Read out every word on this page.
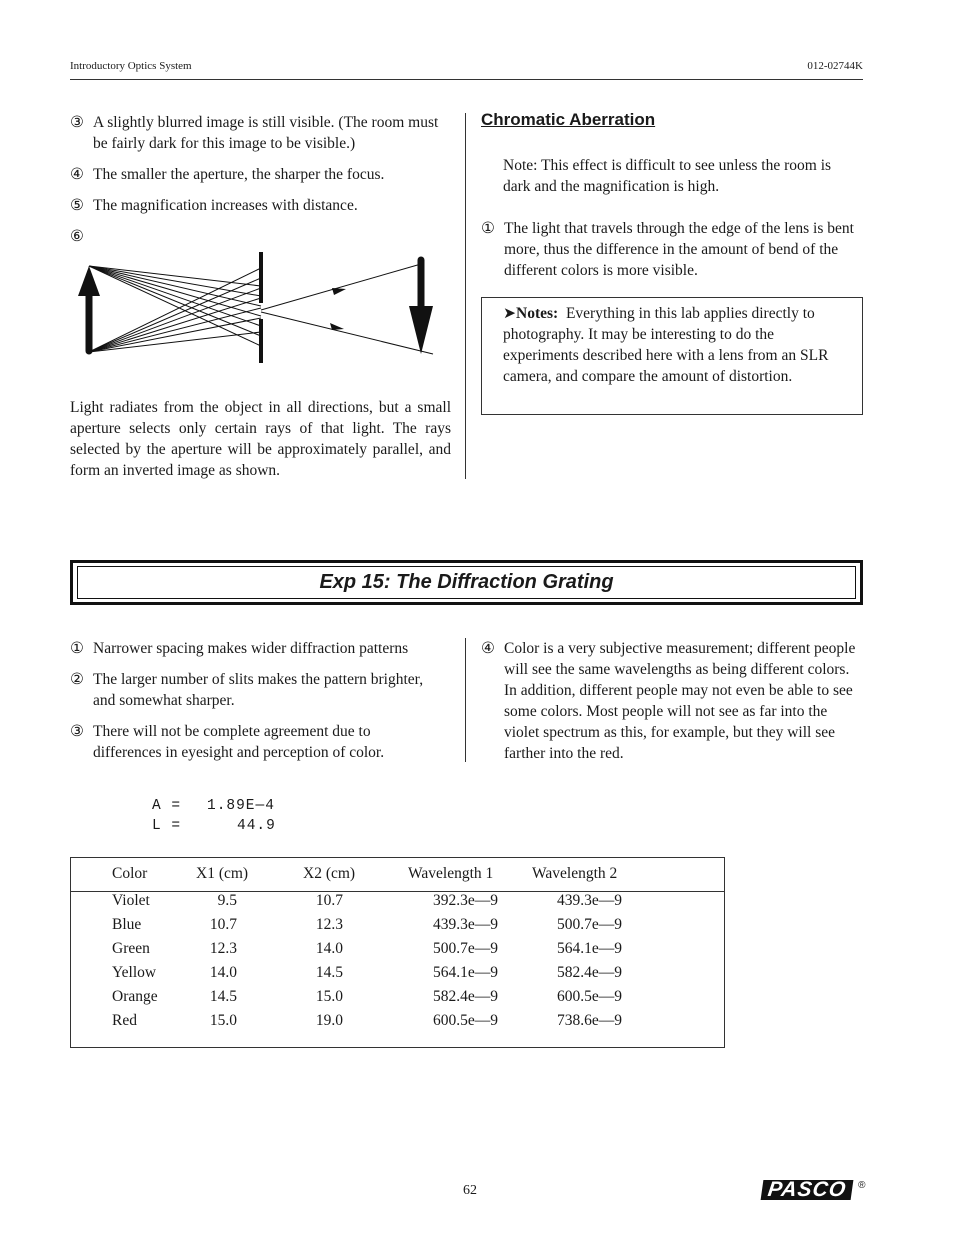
Introductory Optics System	012-02744K
③ A slightly blurred image is still visible. (The room must be fairly dark for this image to be visible.)
④ The smaller the aperture, the sharper the focus.
⑤ The magnification increases with distance.
⑥
Light radiates from the object in all directions, but a small aperture selects only certain rays of that light. The rays selected by the aperture will be approximately parallel, and form an inverted image as shown.
Chromatic Aberration
Note: This effect is difficult to see unless the room is dark and the magnification is high.
① The light that travels through the edge of the lens is bent more, thus the difference in the amount of bend of the different colors is more visible.
➤Notes: Everything in this lab applies directly to photography. It may be interesting to do the experiments described here with a lens from an SLR camera, and compare the amount of distortion.
Exp 15: The Diffraction Grating
① Narrower spacing makes wider diffraction patterns
② The larger number of slits makes the pattern brighter, and somewhat sharper.
③ There will not be complete agreement due to differences in eyesight and perception of color.
④ Color is a very subjective measurement; different people will see the same wavelengths as being different colors. In addition, different people may not even be able to see some colors. Most people will not see as far into the violet spectrum as this, for example, but they will see farther into the red.
A = 1.89E—4
L =	44.9
Color	X1 (cm)	X2 (cm)	Wavelength 1 Wavelength 2
Violet	9.5	10.7	392.3e—9	439.3e—9
Blue	10.7	12.3	439.3e—9	500.7e—9
Green	12.3	14.0	500.7e—9	564.1e—9
Yellow	14.0	14.5	564.1e—9	582.4e—9
Orange	14.5	15.0	582.4e—9	600.5e—9
Red	15.0	19.0	600.5e—9	738.6e—9
62	PASCO ®
